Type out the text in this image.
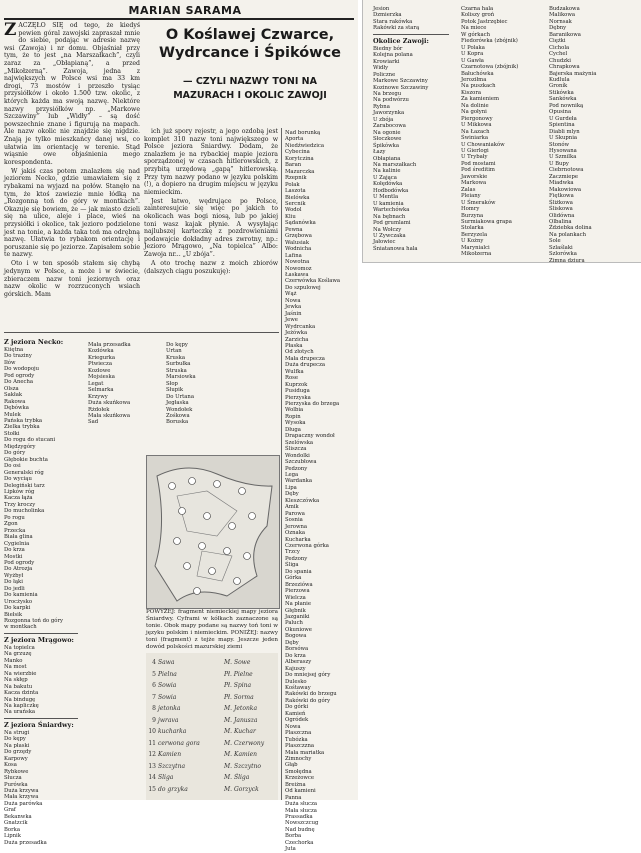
MARIAN SARAMA
Z ACZĘŁO SIĘ od tego, że kiedyś pewien góral zawojski zapraszał mnie do siebie, podając w adresie nazwę wsi (Zawoja) i nr domu. Objaśniał przy tym, że to jest „na Marszałkach”, czyli zaraz za „Obłapianą”, a przed „Mikołzerną”. Zawoja, jedna z największych w Polsce wsi ma 33 km drogi, 73 mostów i przeszło tysiąc przysiółków i około 1.500 tzw. okolic, z których każda ma swoją nazwę. Niektóre nazwy przysiółków np. „Markowe Szczawiny” lub „Widły” – są dość powszechnie znane i figurują na mapach. Ale nazw okolic nie znajdzie się nigdzie. Znają je tylko mieszkańcy danej wsi, co ułatwia im orientację w terenie. Stąd wiąsnie owe objaśnienia mego korespondenta.

W jakiś czas potem znalazłem się nad jeziorem Necko, gdzie umawiałem się z rybakami na wyjazd na połów. Stanęło na tym, że ktoś zawiezie mnie łódką na „Rozgonną toń do góry w montkach”. Okazuje się bowiem, że — jak miasto dzieli się na ulice, aleje i place, wieś na przysiółki i okolice, tak jezioro podzielone jest na tonie, a każda taka toń ma odrębną nazwę. Ułatwia to rybakom orientację i poruszanie się po jeziorze. Zapisałem sobie te nazwy.

Oto i w ten sposób stałem się chybą jedynym w Polsce, a może i w świecie, zbieraczem nazw toni jeziornych oraz nazw okolic w rozrzuconych wsiach górskich. Mam

O Koślawej Czwarce,
Wydrcance i Śpikówce
— CZYLI NAZWY TONI NA
MAZURACH I OKOLIC ZAWOJI

ich już spory rejestr, a jego ozdobą jest komplet 310 nazw toni największego w Polsce jeziora Śniardwy. Dodam, że znalazłem je na rybackiej mapie jeziora sporządzonej w czasach hitlerowskich, z przybitą urzędową „gapą” hitlerowską. Przy tym nazwy podano w języku polskim (!), a dopiero na drugim miejscu w języku niemieckim.

Jest łatwo, wędrujące po Polsce, zainteresujcie się więc po jakich to okolicach was bogi niosą, lub po jakiej toni wasz kajak płynie. A wysyłając najlubszej karteczkę z pozdrowieniami podawajcie dokładny adres zwrotny, np.: Jezioro Mrągowo, „Na topielca” Albo: Zawoja nr... „U zbója”.

A oto trochę nazw z moich zbiorów (dalszych ciągu poszukuję):

Nad borunką
Aporta
Niedźwiedzica
Cybecina
Korytczina
Baran
Mazurczka
Rzepnik
Polak
Laszota
Bielówka
Sercnik
Wodol
Kliu
Sądanówka
Pewna
Grzębowa
Walusiak
Wodnicha
Lafina
Nowotna
Nowomoz
Łaskawa
Czerwówka Koślawa
Do szpulowej
Wąż
Nowa
Jewka
Jaśnin
Jewe
Wydrcanka
Jeżówka
Zarzicha
Płaska
Od złotych
Mała drupecza
Duża drupecza
Wulfka
Rose
Kuprzok
Pusiduga
Pierzyska
Pierzyska do brzega
Wolbia
Ropin
Wysoka
Długa
Drapaczny wondoł
Szelówska
Śliszcza
Wondolki
Szczubłowa
Pedzony
Lega
Wardanka
Lipa
Dęby
Kleszczówka
Amik
Parowa
Sosnia
Jerowna
Oznaka
Kucharka
Czerwona górka
Trzcy
Pedzony
Śliga
Do spania
Górka
Brzeziówa
Pierzowa
Wielcza
Na płanie
Głębnik
Jazganiki
Paluch
Okuniowe
Bogowa
Dęby
Borsówa
Do krza
Alberaszy
Kajuszy
Do mniejsej góry
Dulesko
Kośtaway
Rakówki do brzegu
Rakówki do góry
Do górki
Kamień
Ogródek
Nowa
Plaszczna
Tubózka
Plaszczzna
Mała mariatka
Zimnochy
Głąb
Smołędna
Krzeżowce
Breiżna
Od kamieni
Panna
Duża słucza
Mała słucza
Prassadka
Nowszczcug
Nad budnę
Borba
Czechorka
Juta
Z jeziora Necko:
Kiiętna
Do traziny
Iłów
Do wodopoju
Pod ogrody
Do Anecha
Olsza
Sakłak
Rakowa
Dębówka
Mulek
Pańska trybka
Zielka trybka
Stołki
Do rogu do stucani
Międzygóry
Do góry
Głębokie buchta
Do osi
Generalski róg
Do wyciąu
Delegiński tarz
Lipków róg
Kacza łąża
Trzy kroczy
Do mucholinka
Po rogu
Zgon
Przecka
Biała glina
Cygielnia
Do krza
Mostki
Pod ogrody
Do Atrozja
Wyżbył
Do łąki
Do jedli
Do kamienia
Urocżysko
Do karpki
Biełsik
Rozgonna toń do góry
w montkach
Z jeziora Mrągowo:
Na topielca
Na grzuzę
Manko
Na most
Na wierzbie
Na skłęp
Na bakutu
Kacza dzinta
Na bindugę
Na kapliczkę
Na urańska
Z jeziora Śniardwy:
Na strugi
Do kępy
Na płaski
Do grzędy
Karpowy
Kosa
Rybkowe
Słucza
Purówka
Duża krzywa
Mała krzywa
Duża parówka
Graf
Bekanwka
Gnatzcik
Borka
Lipnik
Duża przesadka
Mała przesadka
Kozłówka
Kriegurka
Ptwiecza
Kozłowe
Mojsieska
Legat
Selmarka
Krzywy
Duża skuńkowa
Rżdołek
Mała skuńkowa
Sad
Do kępy
Urtan
Kruska
Surbułka
Struska
Marsiowka
Słop
Słupik
Do Urtana
Jegłaska
Wondołek
Zośkowa
Boruska
POWYŻEJ: fragment niemieckiej mapy jeziora Śniardwy. Cyframi w kółkach zaznaczone są tonie. Obok mapy podane są nazwy toń toni w języku polskim i niemieckim. PONIŻEJ: nazwy toni (fragment) z tejże mapy. Jeszcze jeden dowód polskości mazurskiej ziemi
4 Sawa	M. Sowe
5 Pielna	Pł. Pielne
6 Sowia	Pł. Spina
7 Sowia	Pł. Sorma
8 jetonka	M. Jetonka
9 jwrava	M. Janusza
10 kucharka	M. Kuchar
11 cerwona gora	M. Czerwony
12 Kamien	M. Kamien
13 Szczytna	M. Szczytno
14 Sliga	M. Śliga
15 do grzyka	M. Gorzyck
Jesion
Dzmierzka
Stara rakówka
Rakówki za starą
Okolice Zawoji:
Biedny bór
Kolejna polana
Krowiarki
Widły
Policzne
Markowe Szczawiny
Kozinowe Szczawiny
Na brzegu
Na podwórzu
Rybna
Jaworzynka
U zbója
Zarabocowa
Na ogonie
Słoczkowe
Śpikówka
Łazy
Obłapiana
Na marszałkach
Na kalinie
U Zająca
Kołędówka
Hodbodówka
U Mentla
U kamienia
Wartechówka
Na bębnach
Pod grumlami
Na Wołczy
U Zywczaka
Jałowiec
Śniatanowa hala
Czarna hala
Koliszy groń
Potok Jastrzębiec
Na miece
W górkach
Fiedorówka (zbójnik)
U Polaka
U Kopra
U Gawła
Czarnotowa (zbójnik)
Bałuchówka
Jeroziłma
Na puszkach
Kiszora
Za kamieniem
Na dolinie
Na gołyni
Piergonowy
U Mikkowa
Na Łazach
Świniarka
U Chowaniaków
U Gierlogi
U Trybały
Pod mostami
Pod średitim
Jaworskie
Markowa
Zalas
Pleiany
U Śmeraków
Homry
Burzyna
Surmiakowa grapa
Stolarka
Berzyzela
U Kożny
Marynialci
Mikołzerna
Budzakowa
Malikowa
Nornsak
Dębny
Baranikowa
Ciężki
Cichola
Cychel
Chudzki
Chrapkowa
Bajerska mażynia
Kudlula
Groník
Stikówka
Sankówka
Pod nowniką
Opusina
U Gurdeła
Spientina
Diabli mlyn
U Skupnia
Stonów
Hysowana
U Szmilka
U Bupy
Ciebrnotowa
Zaczmiepe
Miadwka
Makowiowa
Fiętkowa
Śliżkowa
Śliskowa
Olidówna
Olbalina
Ździebka dolina
Na polankach
Sole
Szlaślaki
Szlorówka
Zimna dziura
